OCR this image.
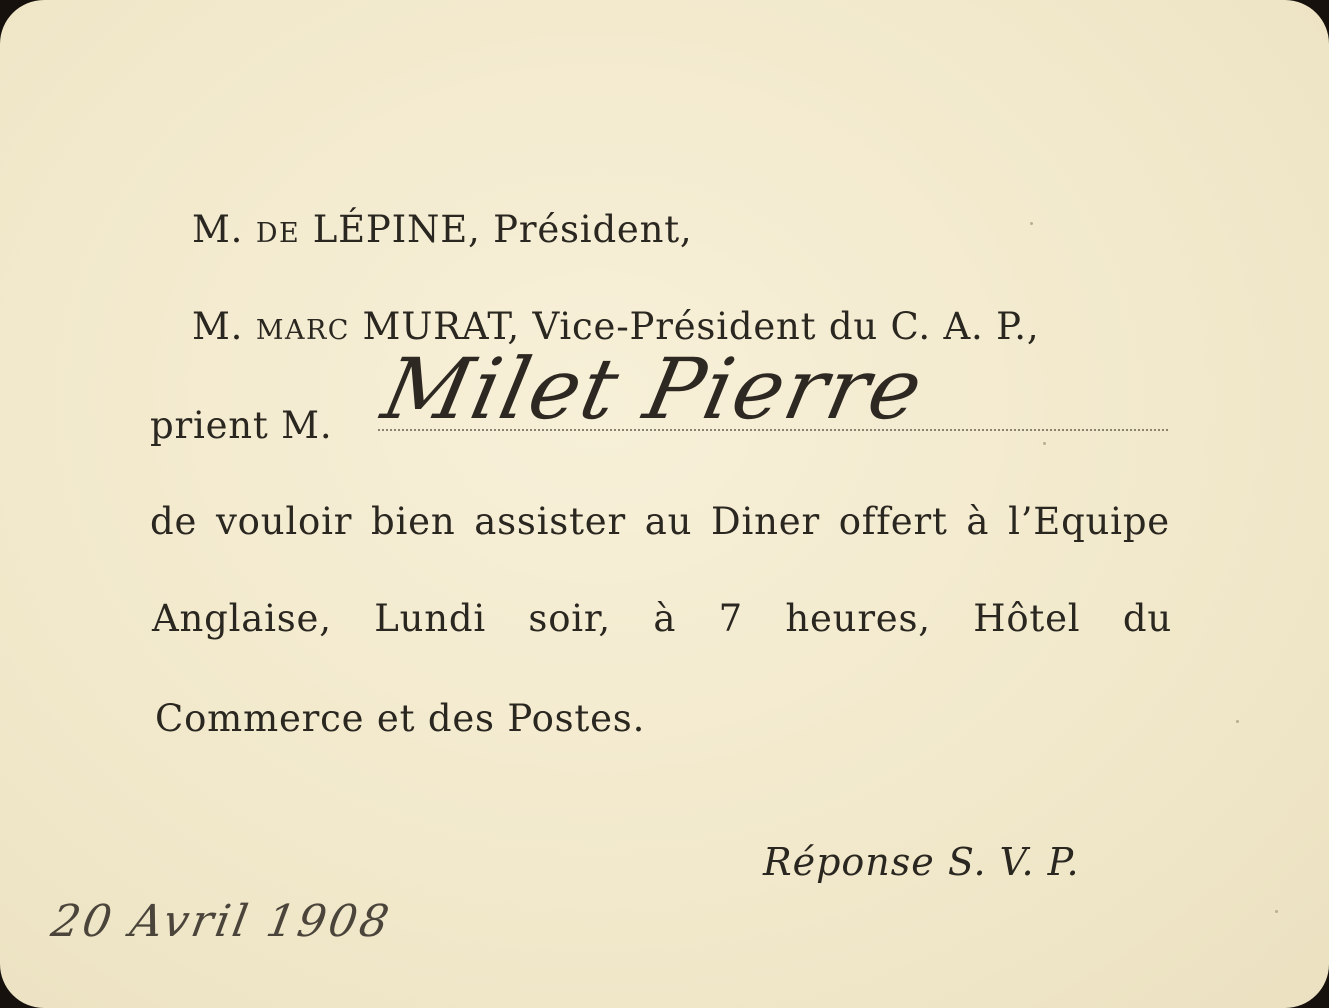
M. DE LÉPINE, Président,
M. MARC MURAT, Vice-Président du C. A. P.,
prient M. Milet Pierre
de vouloir bien assister au Diner offert à l’Equipe
Anglaise, Lundi soir, à 7 heures, Hôtel du
Commerce et des Postes.
Réponse S. V. P.
20 Avril 1908
